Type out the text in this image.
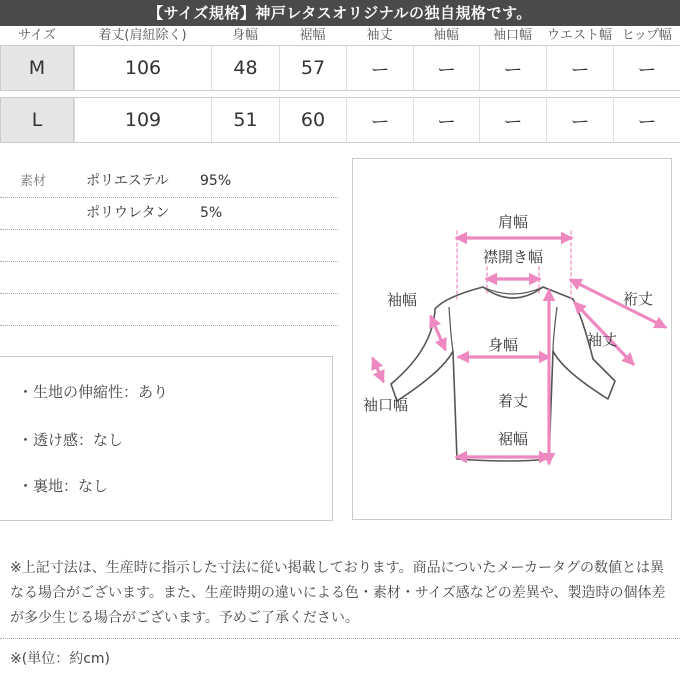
【サイズ規格】神戸レタスオリジナルの独自規格です。
サイズ	着丈(肩紐除く)	身幅	裾幅	袖丈	袖幅	袖口幅	ウエスト幅	ヒップ幅
M	106	48	57	ー	ー	ー	ー	ー

L	109	51	60	ー	ー	ー	ー	ー
素材	ポリエステル 95%
ポリウレタン 5%
・生地の伸縮性：あり
・透け感：なし
・裏地：なし
肩幅
襟開き幅
裄丈
袖幅
袖丈
身幅
袖口幅	着丈
裾幅
※上記寸法は、生産時に指示した寸法に従い掲載しております。商品についたメーカータグの数値とは異なる場合がございます。また、生産時期の違いによる色・素材・サイズ感などの差異や、製造時の個体差が多少生じる場合がございます。予めご了承ください。
※(単位：約cm)
